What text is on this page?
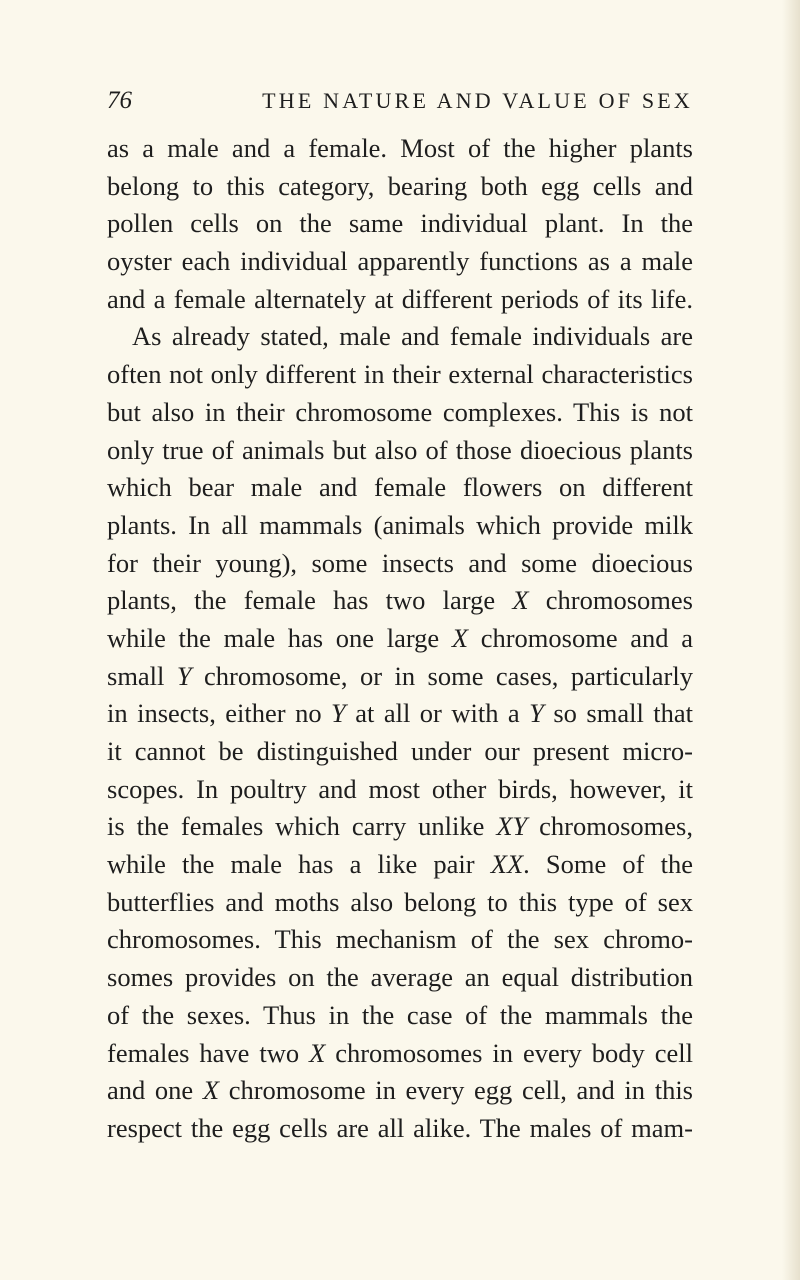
76	THE NATURE AND VALUE OF SEX
as a male and a female. Most of the higher plants
belong to this category, bearing both egg cells and
pollen cells on the same individual plant. In the
oyster each individual apparently functions as a male
and a female alternately at different periods of its life.
As already stated, male and female individuals are
often not only different in their external characteristics
but also in their chromosome complexes. This is not
only true of animals but also of those dioecious plants
which bear male and female flowers on different
plants. In all mammals (animals which provide milk
for their young), some insects and some dioecious
plants, the female has two large X chromosomes
while the male has one large X chromosome and a
small Y chromosome, or in some cases, particularly
in insects, either no Y at all or with a Y so small that
it cannot be distinguished under our present micro-
scopes. In poultry and most other birds, however, it
is the females which carry unlike XY chromosomes,
while the male has a like pair XX. Some of the
butterflies and moths also belong to this type of sex
chromosomes. This mechanism of the sex chromo-
somes provides on the average an equal distribution
of the sexes. Thus in the case of the mammals the
females have two X chromosomes in every body cell
and one X chromosome in every egg cell, and in this
respect the egg cells are all alike. The males of mam-
